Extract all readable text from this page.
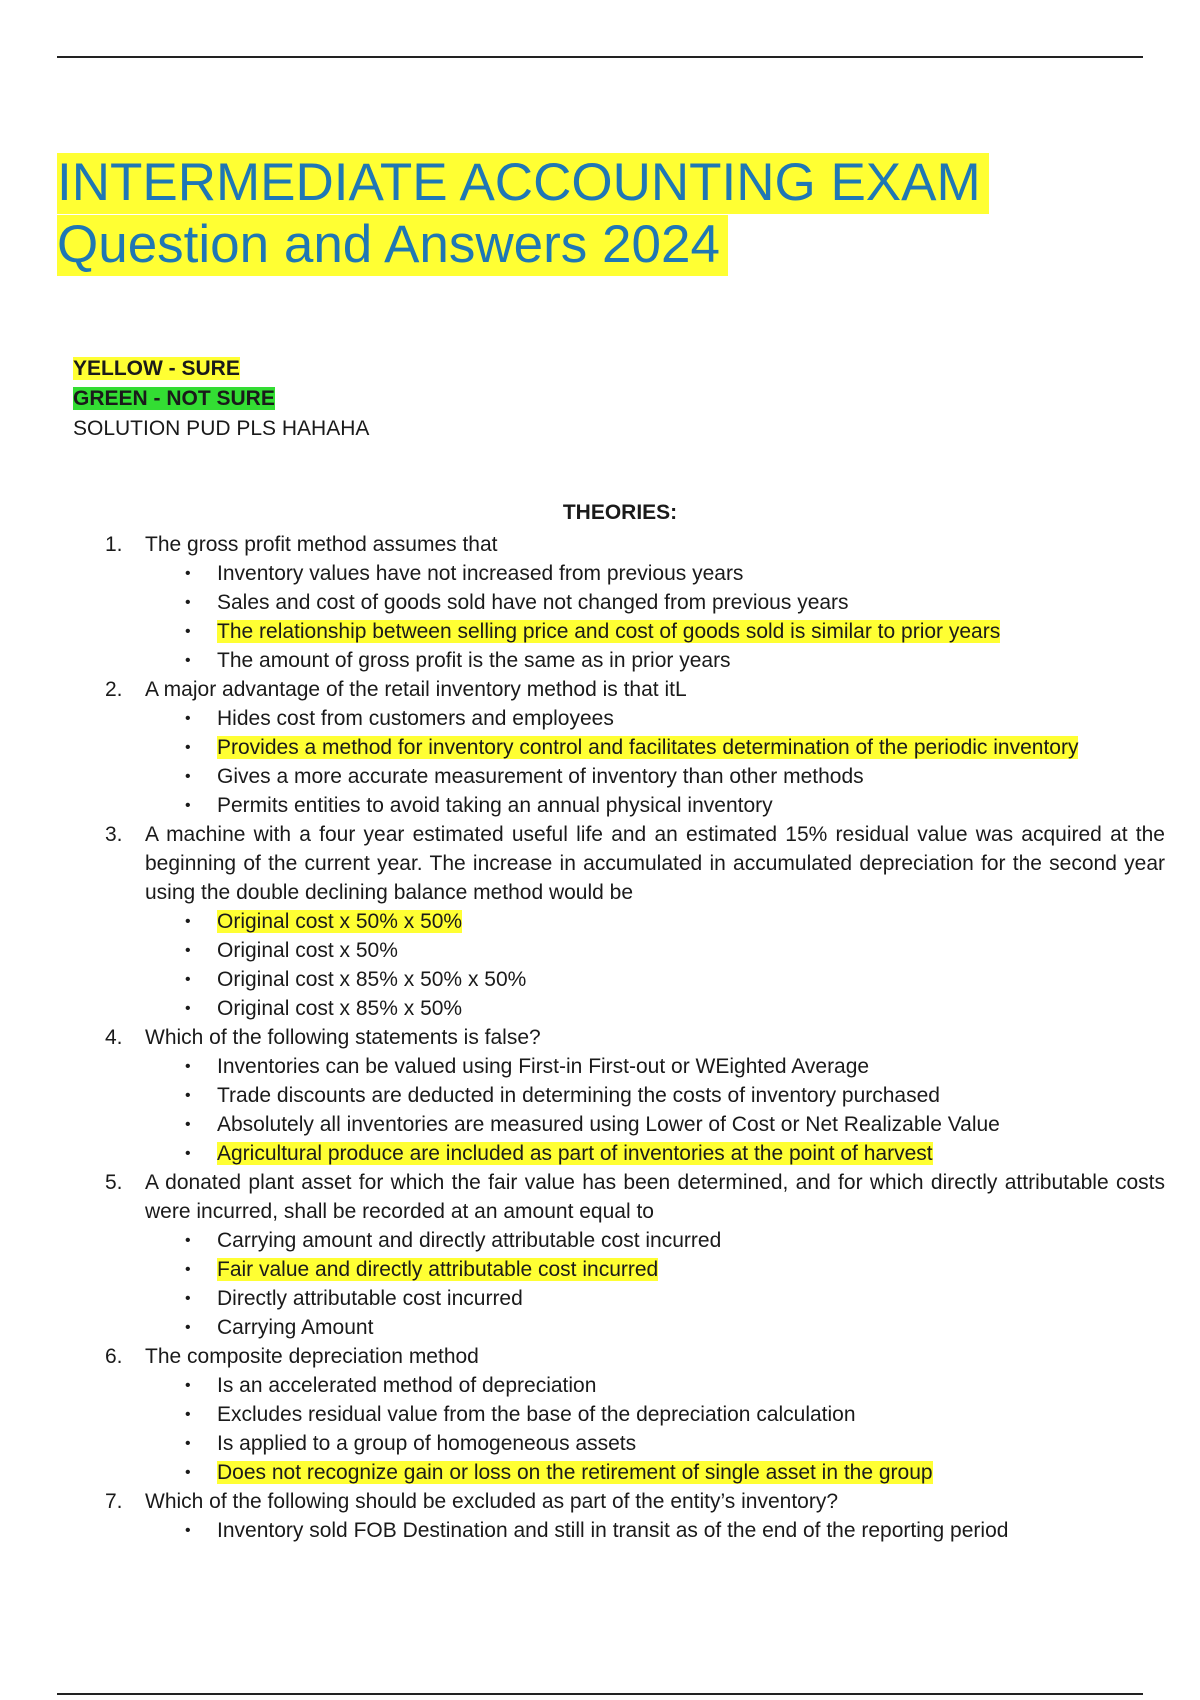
INTERMEDIATE ACCOUNTING EXAM
Question and Answers 2024
YELLOW - SURE
GREEN - NOT SURE
SOLUTION PUD PLS HAHAHA
THEORIES:
1. The gross profit method assumes that
• Inventory values have not increased from previous years
• Sales and cost of goods sold have not changed from previous years
• The relationship between selling price and cost of goods sold is similar to prior years
• The amount of gross profit is the same as in prior years
2. A major advantage of the retail inventory method is that itL
• Hides cost from customers and employees
• Provides a method for inventory control and facilitates determination of the periodic inventory
• Gives a more accurate measurement of inventory than other methods
• Permits entities to avoid taking an annual physical inventory
3. A machine with a four year estimated useful life and an estimated 15% residual value was acquired at the beginning of the current year. The increase in accumulated in accumulated depreciation for the second year using the double declining balance method would be
• Original cost x 50% x 50%
• Original cost x 50%
• Original cost x 85% x 50% x 50%
• Original cost x 85% x 50%
4. Which of the following statements is false?
• Inventories can be valued using First-in First-out or WEighted Average
• Trade discounts are deducted in determining the costs of inventory purchased
• Absolutely all inventories are measured using Lower of Cost or Net Realizable Value
• Agricultural produce are included as part of inventories at the point of harvest
5. A donated plant asset for which the fair value has been determined, and for which directly attributable costs were incurred, shall be recorded at an amount equal to
• Carrying amount and directly attributable cost incurred
• Fair value and directly attributable cost incurred
• Directly attributable cost incurred
• Carrying Amount
6. The composite depreciation method
• Is an accelerated method of depreciation
• Excludes residual value from the base of the depreciation calculation
• Is applied to a group of homogeneous assets
• Does not recognize gain or loss on the retirement of single asset in the group
7. Which of the following should be excluded as part of the entity’s inventory?
• Inventory sold FOB Destination and still in transit as of the end of the reporting period
